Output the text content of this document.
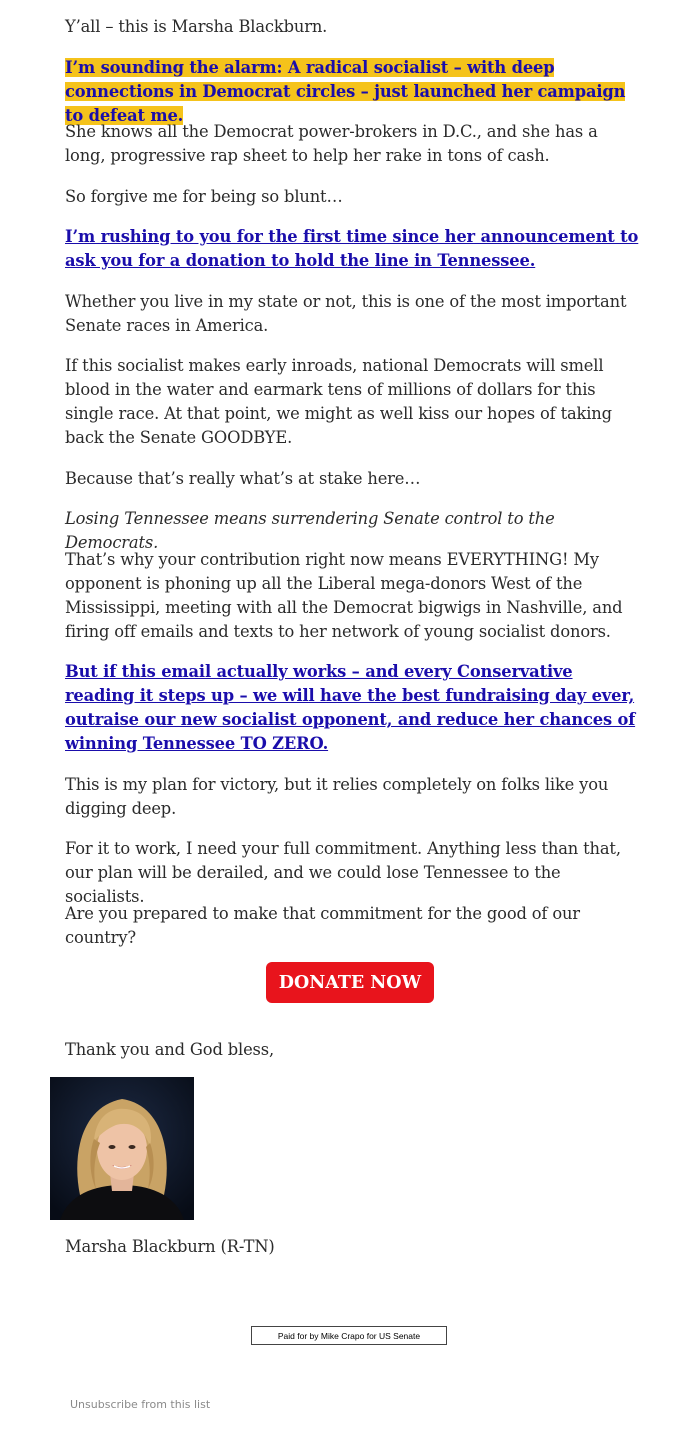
Y’all – this is Marsha Blackburn.

I’m sounding the alarm: A radical socialist – with deep connections in Democrat circles – just launched her campaign to defeat me.

She knows all the Democrat power-brokers in D.C., and she has a long, progressive rap sheet to help her rake in tons of cash.

So forgive me for being so blunt…

I’m rushing to you for the first time since her announcement to ask you for a donation to hold the line in Tennessee.

Whether you live in my state or not, this is one of the most important Senate races in America.

If this socialist makes early inroads, national Democrats will smell blood in the water and earmark tens of millions of dollars for this single race. At that point, we might as well kiss our hopes of taking back the Senate GOODBYE.

Because that’s really what’s at stake here…

Losing Tennessee means surrendering Senate control to the Democrats.

That’s why your contribution right now means EVERYTHING! My opponent is phoning up all the Liberal mega-donors West of the Mississippi, meeting with all the Democrat bigwigs in Nashville, and firing off emails and texts to her network of young socialist donors.

But if this email actually works – and every Conservative reading it steps up – we will have the best fundraising day ever, outraise our new socialist opponent, and reduce her chances of winning Tennessee TO ZERO.

This is my plan for victory, but it relies completely on folks like you digging deep.

For it to work, I need your full commitment. Anything less than that, our plan will be derailed, and we could lose Tennessee to the socialists.

Are you prepared to make that commitment for the good of our country?

Thank you and God bless,

Marsha Blackburn (R-TN)

DONATE NOW
Paid for by Mike Crapo for US Senate
Unsubscribe from this list
